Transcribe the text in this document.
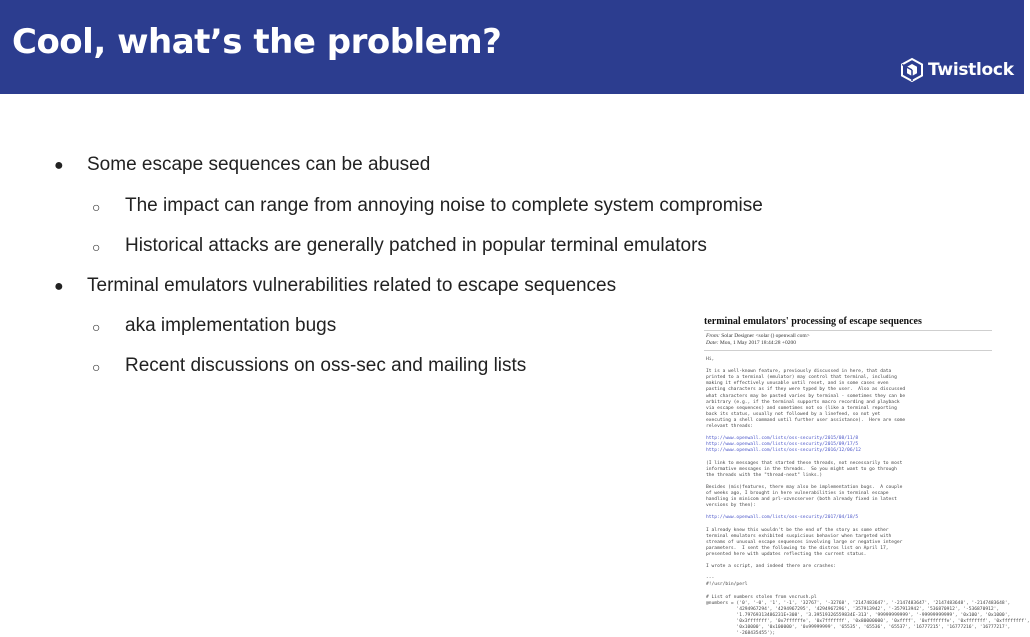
Cool, what’s the problem?
Twistlock
● Some escape sequences can be abused
○ The impact can range from annoying noise to complete system compromise
○ Historical attacks are generally patched in popular terminal emulators
● Terminal emulators vulnerabilities related to escape sequences
○ aka implementation bugs
○ Recent discussions on oss-sec and mailing lists
terminal emulators' processing of escape sequences
From: Solar Designer <solar () openwall com>
Date: Mon, 1 May 2017 18:44:28 +0200
Hi,

It is a well-known feature, previously discussed in here, that data
printed to a terminal (emulator) may control that terminal, including
making it effectively unusable until reset, and in some cases even
pasting characters as if they were typed by the user.  Also as discussed
what characters may be pasted varies by terminal - sometimes they can be
arbitrary (e.g., if the terminal supports macro recording and playback
via escape sequences) and sometimes not so (like a terminal reporting
back its status, usually not followed by a linefeed, so not yet
executing a shell command until further user assistance).  Here are some
relevant threads:

http://www.openwall.com/lists/oss-security/2015/08/11/8
http://www.openwall.com/lists/oss-security/2015/09/17/5
http://www.openwall.com/lists/oss-security/2016/12/06/12

(I link to messages that started these threads, not necessarily to most
informative messages in the threads.  So you might want to go through
the threads with the "thread-next" links.)

Besides (mis)features, there may also be implementation bugs.  A couple
of weeks ago, I brought in here vulnerabilities in terminal escape
handling in minicom and prl-vzvncserver (both already fixed in latest
versions by then):

http://www.openwall.com/lists/oss-security/2017/04/18/5

I already knew this wouldn't be the end of the story as some other
terminal emulators exhibited suspicious behavior when targeted with
streams of unusual escape sequences involving large or negative integer
parameters.  I sent the following to the distros list on April 17,
presented here with updates reflecting the current status.

I wrote a script, and indeed there are crashes:

---
#!/usr/bin/perl

# List of numbers stolen from vncrush.pl
@numbers = ('0', '-0', '1', '-1', '32767', '-32768', '2147483647', '-2147483647', '2147483648', '-2147483648',
'4294967294', '4294967295', '4294967296', '357913942', '-357913942', '536870912', '-536870912',
'1.79769313486231E+308', '3.39519326559834E-313', '99999999999', '-99999999999', '0x100', '0x1000',
'0x3fffffff', '0x7ffffffe', '0x7fffffff', '0x80000000', '0xffff', '0xfffffffe', '0xfffffff', '0xffffffff',
'0x10000', '0x100000', '0x99999999', '65535', '65536', '65537', '16777215', '16777216', '16777217',
'-268435455');
